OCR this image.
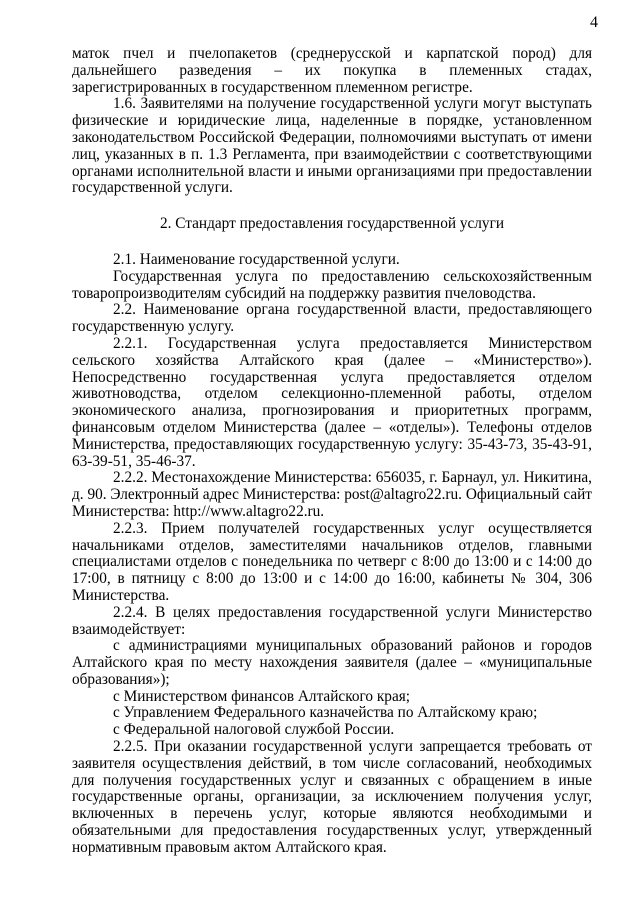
4

маток пчел и пчелопакетов (среднерусской и карпатской пород) для дальнейшего разведения – их покупка в племенных стадах, зарегистрированных в государственном племенном регистре.

1.6. Заявителями на получение государственной услуги могут выступать физические и юридические лица, наделенные в порядке, установленном законодательством Российской Федерации, полномочиями выступать от имени лиц, указанных в п. 1.3 Регламента, при взаимодействии с соответствующими органами исполнительной власти и иными организациями при предоставлении государственной услуги.

2. Стандарт предоставления государственной услуги

2.1. Наименование государственной услуги.

Государственная услуга по предоставлению сельскохозяйственным товаропроизводителям субсидий на поддержку развития пчеловодства.

2.2. Наименование органа государственной власти, предоставляющего государственную услугу.

2.2.1. Государственная услуга предоставляется Министерством сельского хозяйства Алтайского края (далее – «Министерство»). Непосредственно государственная услуга предоставляется отделом животноводства, отделом селекционно-племенной работы, отделом экономического анализа, прогнозирования и приоритетных программ, финансовым отделом Министерства (далее – «отделы»). Телефоны отделов Министерства, предоставляющих государственную услугу: 35-43-73, 35-43-91, 63-39-51, 35-46-37.

2.2.2. Местонахождение Министерства: 656035, г. Барнаул, ул. Никитина, д. 90. Электронный адрес Министерства: post@altagro22.ru. Официальный сайт Министерства: http://www.altagro22.ru.

2.2.3. Прием получателей государственных услуг осуществляется начальниками отделов, заместителями начальников отделов, главными специалистами отделов с понедельника по четверг с 8:00 до 13:00 и с 14:00 до 17:00, в пятницу с 8:00 до 13:00 и с 14:00 до 16:00, кабинеты № 304, 306 Министерства.

2.2.4. В целях предоставления государственной услуги Министерство взаимодействует:

с администрациями муниципальных образований районов и городов Алтайского края по месту нахождения заявителя (далее – «муниципальные образования»);

с Министерством финансов Алтайского края;

с Управлением Федерального казначейства по Алтайскому краю;

с Федеральной налоговой службой России.

2.2.5. При оказании государственной услуги запрещается требовать от заявителя осуществления действий, в том числе согласований, необходимых для получения государственных услуг и связанных с обращением в иные государственные органы, организации, за исключением получения услуг, включенных в перечень услуг, которые являются необходимыми и обязательными для предоставления государственных услуг, утвержденный нормативным правовым актом Алтайского края.
